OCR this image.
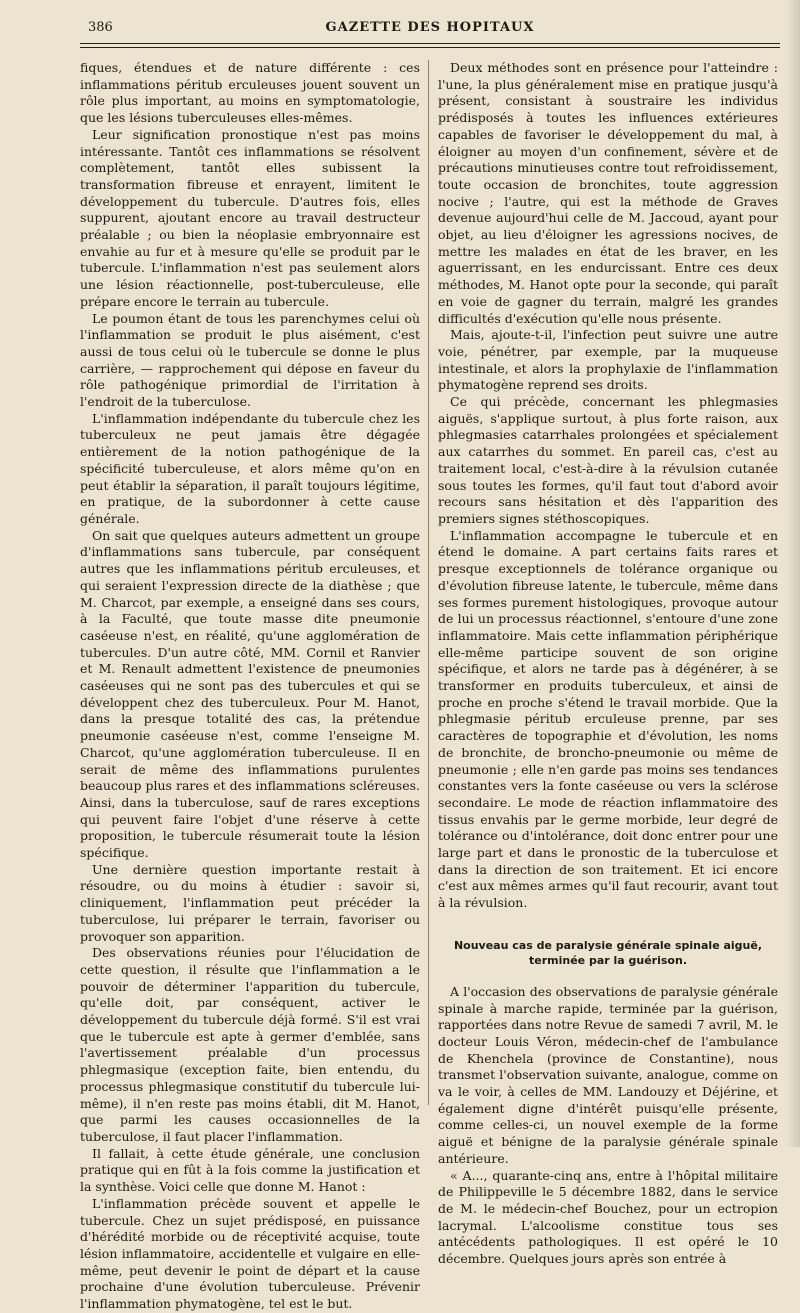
386	GAZETTE DES HOPITAUX

fiques, étendues et de nature différente : ces inflammations péritub erculeuses jouent souvent un rôle plus important, au moins en symptomatologie, que les lésions tuberculeuses elles-mêmes.

Leur signification pronostique n'est pas moins intéressante. Tantôt ces inflammations se résolvent complètement, tantôt elles subissent la transformation fibreuse et enrayent, limitent le développement du tubercule. D'autres fois, elles suppurent, ajoutant encore au travail destructeur préalable ; ou bien la néoplasie embryonnaire est envahie au fur et à mesure qu'elle se produit par le tubercule. L'inflammation n'est pas seulement alors une lésion réactionnelle, post-tuberculeuse, elle prépare encore le terrain au tubercule.

Le poumon étant de tous les parenchymes celui où l'inflammation se produit le plus aisément, c'est aussi de tous celui où le tubercule se donne le plus carrière, — rapprochement qui dépose en faveur du rôle pathogénique primordial de l'irritation à l'endroit de la tuberculose.

L'inflammation indépendante du tubercule chez les tuberculeux ne peut jamais être dégagée entièrement de la notion pathogénique de la spécificité tuberculeuse, et alors même qu'on en peut établir la séparation, il paraît toujours légitime, en pratique, de la subordonner à cette cause générale.

On sait que quelques auteurs admettent un groupe d'inflammations sans tubercule, par conséquent autres que les inflammations péritub erculeuses, et qui seraient l'expression directe de la diathèse ; que M. Charcot, par exemple, a enseigné dans ses cours, à la Faculté, que toute masse dite pneumonie caséeuse n'est, en réalité, qu'une agglomération de tubercules. D'un autre côté, MM. Cornil et Ranvier et M. Renault admettent l'existence de pneumonies caséeuses qui ne sont pas des tubercules et qui se développent chez des tuberculeux. Pour M. Hanot, dans la presque totalité des cas, la prétendue pneumonie caséeuse n'est, comme l'enseigne M. Charcot, qu'une agglomération tuberculeuse. Il en serait de même des inflammations purulentes beaucoup plus rares et des inflammations scléreuses. Ainsi, dans la tuberculose, sauf de rares exceptions qui peuvent faire l'objet d'une réserve à cette proposition, le tubercule résumerait toute la lésion spécifique.

Une dernière question importante restait à résoudre, ou du moins à étudier : savoir si, cliniquement, l'inflammation peut précéder la tuberculose, lui préparer le terrain, favoriser ou provoquer son apparition.

Des observations réunies pour l'élucidation de cette question, il résulte que l'inflammation a le pouvoir de déterminer l'apparition du tubercule, qu'elle doit, par conséquent, activer le développement du tubercule déjà formé. S'il est vrai que le tubercule est apte à germer d'emblée, sans l'avertissement préalable d'un processus phlegmasique (exception faite, bien entendu, du processus phlegmasique constitutif du tubercule lui-même), il n'en reste pas moins établi, dit M. Hanot, que parmi les causes occasionnelles de la tuberculose, il faut placer l'inflammation.

Il fallait, à cette étude générale, une conclusion pratique qui en fût à la fois comme la justification et la synthèse. Voici celle que donne M. Hanot :

L'inflammation précède souvent et appelle le tubercule. Chez un sujet prédisposé, en puissance d'hérédité morbide ou de réceptivité acquise, toute lésion inflammatoire, accidentelle et vulgaire en elle-même, peut devenir le point de départ et la cause prochaine d'une évolution tuberculeuse. Prévenir l'inflammation phymatogène, tel est le but.

Deux méthodes sont en présence pour l'atteindre : l'une, la plus généralement mise en pratique jusqu'à présent, consistant à soustraire les individus prédisposés à toutes les influences extérieures capables de favoriser le développement du mal, à éloigner au moyen d'un confinement, sévère et de précautions minutieuses contre tout refroidissement, toute occasion de bronchites, toute aggression nocive ; l'autre, qui est la méthode de Graves devenue aujourd'hui celle de M. Jaccoud, ayant pour objet, au lieu d'éloigner les agressions nocives, de mettre les malades en état de les braver, en les aguerrissant, en les endurcissant. Entre ces deux méthodes, M. Hanot opte pour la seconde, qui paraît en voie de gagner du terrain, malgré les grandes difficultés d'exécution qu'elle nous présente.

Mais, ajoute-t-il, l'infection peut suivre une autre voie, pénétrer, par exemple, par la muqueuse intestinale, et alors la prophylaxie de l'inflammation phymatogène reprend ses droits.

Ce qui précède, concernant les phlegmasies aiguës, s'applique surtout, à plus forte raison, aux phlegmasies catarrhales prolongées et spécialement aux catarrhes du sommet. En pareil cas, c'est au traitement local, c'est-à-dire à la révulsion cutanée sous toutes les formes, qu'il faut tout d'abord avoir recours sans hésitation et dès l'apparition des premiers signes stéthoscopiques.

L'inflammation accompagne le tubercule et en étend le domaine. A part certains faits rares et presque exceptionnels de tolérance organique ou d'évolution fibreuse latente, le tubercule, même dans ses formes purement histologiques, provoque autour de lui un processus réactionnel, s'entoure d'une zone inflammatoire. Mais cette inflammation périphérique elle-même participe souvent de son origine spécifique, et alors ne tarde pas à dégénérer, à se transformer en produits tuberculeux, et ainsi de proche en proche s'étend le travail morbide. Que la phlegmasie péritub erculeuse prenne, par ses caractères de topographie et d'évolution, les noms de bronchite, de broncho-pneumonie ou même de pneumonie ; elle n'en garde pas moins ses tendances constantes vers la fonte caséeuse ou vers la sclérose secondaire. Le mode de réaction inflammatoire des tissus envahis par le germe morbide, leur degré de tolérance ou d'intolérance, doit donc entrer pour une large part et dans le pronostic de la tuberculose et dans la direction de son traitement. Et ici encore c'est aux mêmes armes qu'il faut recourir, avant tout à la révulsion.

Nouveau cas de paralysie générale spinale aiguë, terminée par la guérison.

A l'occasion des observations de paralysie générale spinale à marche rapide, terminée par la guérison, rapportées dans notre Revue de samedi 7 avril, M. le docteur Louis Véron, médecin-chef de l'ambulance de Khenchela (province de Constantine), nous transmet l'observation suivante, analogue, comme on va le voir, à celles de MM. Landouzy et Déjérine, et également digne d'intérêt puisqu'elle présente, comme celles-ci, un nouvel exemple de la forme aiguë et bénigne de la paralysie générale spinale antérieure.

« A..., quarante-cinq ans, entre à l'hôpital militaire de Philippeville le 5 décembre 1882, dans le service de M. le médecin-chef Bouchez, pour un ectropion lacrymal. L'alcoolisme constitue tous ses antécédents pathologiques. Il est opéré le 10 décembre. Quelques jours après son entrée à
